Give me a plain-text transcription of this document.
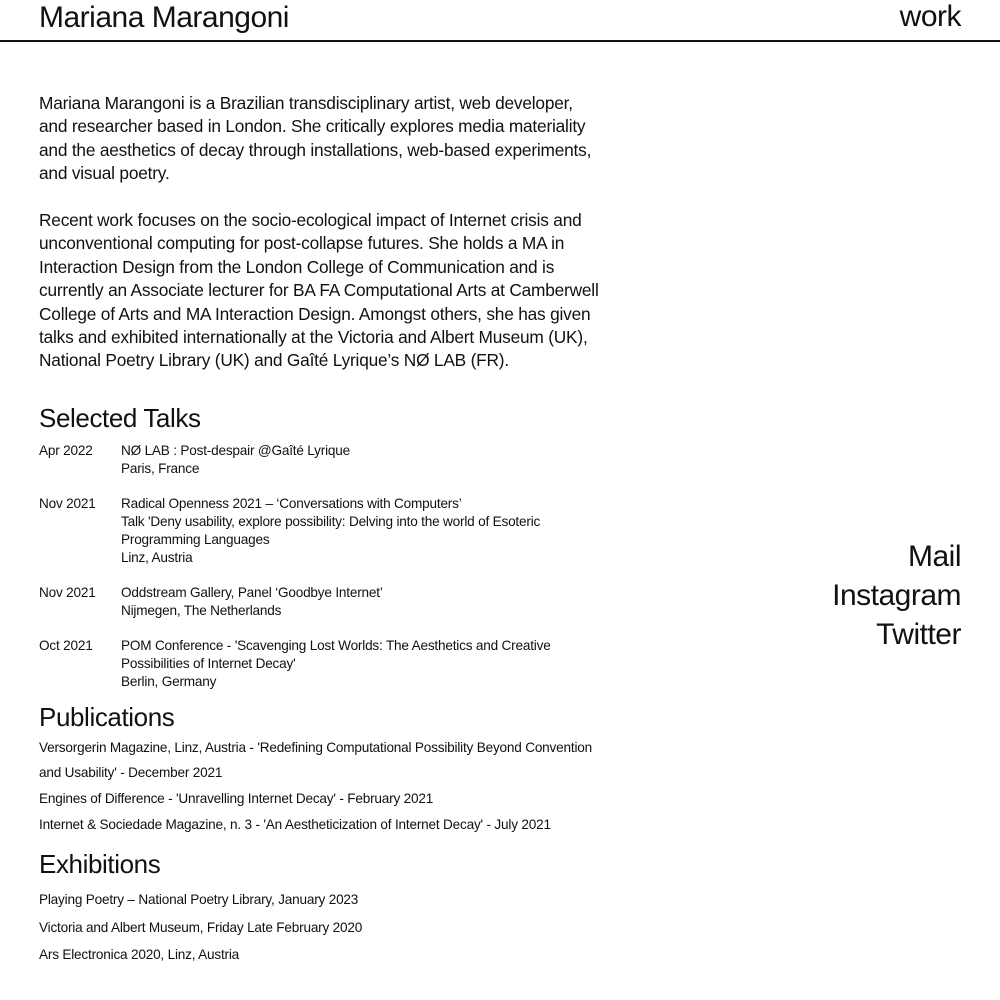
Mariana Marangoni	work

Mariana Marangoni is a Brazilian transdisciplinary artist, web developer, and researcher based in London. She critically explores media materiality and the aesthetics of decay through installations, web-based experiments, and visual poetry.

Recent work focuses on the socio-ecological impact of Internet crisis and unconventional computing for post-collapse futures. She holds a MA in Interaction Design from the London College of Communication and is currently an Associate lecturer for BA FA Computational Arts at Camberwell College of Arts and MA Interaction Design. Amongst others, she has given talks and exhibited internationally at the Victoria and Albert Museum (UK), National Poetry Library (UK) and Gaîté Lyrique’s NØ LAB (FR).

Selected Talks
Apr 2022	NØ LAB : Post-despair @Gaîté Lyrique
Paris, France
Nov 2021	Radical Openness 2021 – ‘Conversations with Computers’
Talk 'Deny usability, explore possibility: Delving into the world of Esoteric Programming Languages
Linz, Austria
Nov 2021	Oddstream Gallery, Panel ‘Goodbye Internet’
Nijmegen, The Netherlands
Oct 2021	POM Conference - 'Scavenging Lost Worlds: The Aesthetics and Creative Possibilities of Internet Decay'
Berlin, Germany
Publications
Versorgerin Magazine, Linz, Austria - 'Redefining Computational Possibility Beyond Convention and Usability' - December 2021
Engines of Difference - 'Unravelling Internet Decay' - February 2021
Internet & Sociedade Magazine, n. 3 - 'An Aestheticization of Internet Decay' - July 2021
Exhibitions
Playing Poetry – National Poetry Library, January 2023
Victoria and Albert Museum, Friday Late February 2020
Ars Electronica 2020, Linz, Austria
Mail
Instagram
Twitter
